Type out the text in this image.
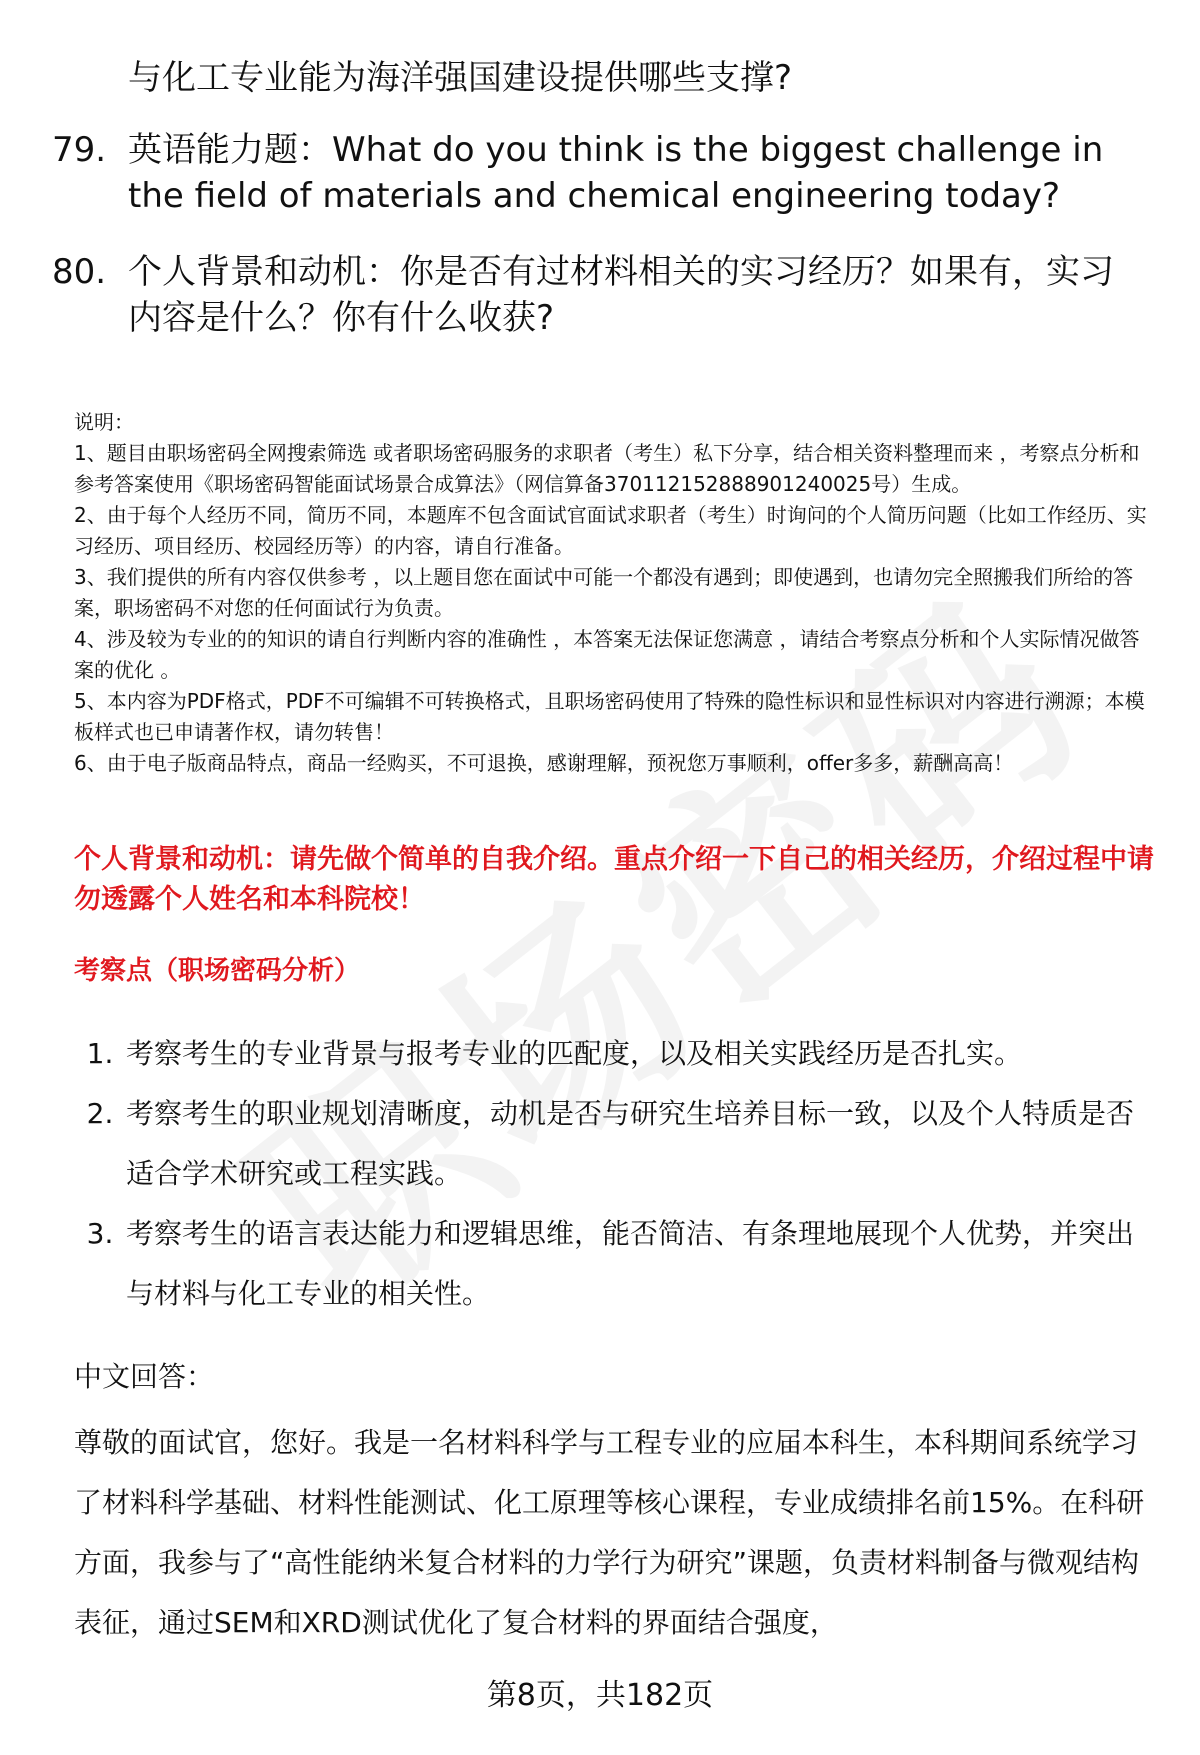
与化工专业能为海洋强国建设提供哪些支撑?
79. 英语能力题：What do you think is the biggest challenge in the field of materials and chemical engineering today?
80. 个人背景和动机：你是否有过材料相关的实习经历？如果有，实习内容是什么？你有什么收获?

说明：

1、题目由职场密码全网搜索筛选 或者职场密码服务的求职者（考生）私下分享，结合相关资料整理而来 ，考察点分析和参考答案使用《职场密码智能面试场景合成算法》（网信算备370112152888901240025号）生成。

2、由于每个人经历不同，简历不同，本题库不包含面试官面试求职者（考生）时询问的个人简历问题（比如工作经历、实习经历、项目经历、校园经历等）的内容，请自行准备。

3、我们提供的所有内容仅供参考 ，以上题目您在面试中可能一个都没有遇到；即使遇到，也请勿完全照搬我们所给的答案，职场密码不对您的任何面试行为负责。

4、涉及较为专业的的知识的请自行判断内容的准确性 ，本答案无法保证您满意 ，请结合考察点分析和个人实际情况做答案的优化 。

5、本内容为PDF格式，PDF不可编辑不可转换格式，且职场密码使用了特殊的隐性标识和显性标识对内容进行溯源；本模板样式也已申请著作权，请勿转售！

6、由于电子版商品特点，商品一经购买，不可退换，感谢理解，预祝您万事顺利，offer多多，薪酬高高！

个人背景和动机：请先做个简单的自我介绍。重点介绍一下自己的相关经历，介绍过程中请勿透露个人姓名和本科院校！
考察点（职场密码分析）
1. 考察考生的专业背景与报考专业的匹配度，以及相关实践经历是否扎实。
2. 考察考生的职业规划清晰度，动机是否与研究生培养目标一致，以及个人特质是否适合学术研究或工程实践。
3. 考察考生的语言表达能力和逻辑思维，能否简洁、有条理地展现个人优势，并突出与材料与化工专业的相关性。
中文回答：
尊敬的面试官，您好。我是一名材料科学与工程专业的应届本科生，本科期间系统学习了材料科学基础、材料性能测试、化工原理等核心课程，专业成绩排名前15%。在科研方面，我参与了“高性能纳米复合材料的力学行为研究”课题，负责材料制备与微观结构表征，通过SEM和XRD测试优化了复合材料的界面结合强度，
第8页，共182页
